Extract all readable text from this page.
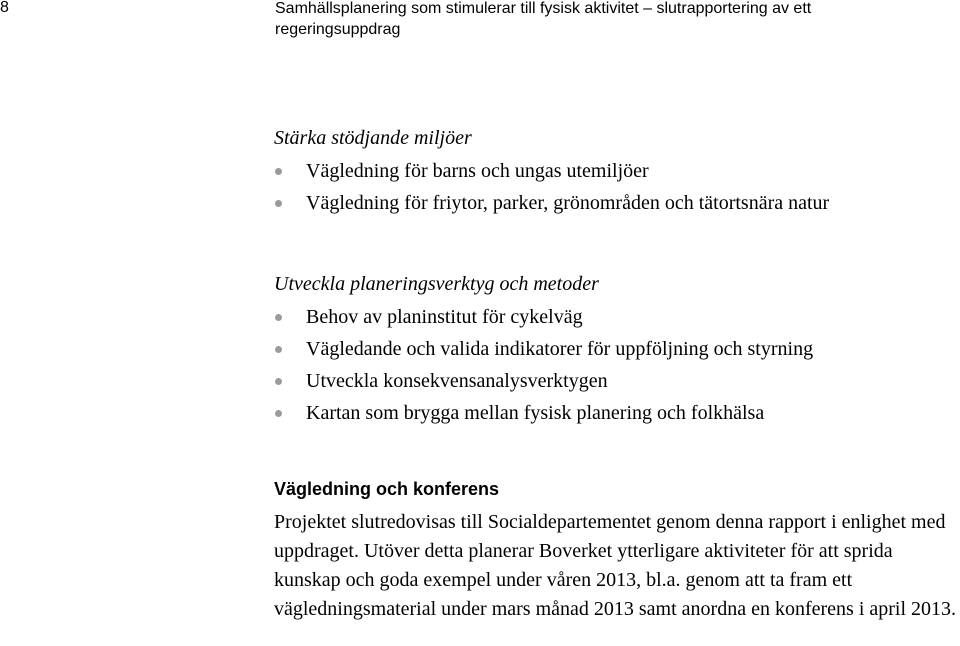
8	Samhällsplanering som stimulerar till fysisk aktivitet – slutrapportering av ett regeringsuppdrag
Stärka stödjande miljöer
Vägledning för barns och ungas utemiljöer
Vägledning för friytor, parker, grönområden och tätortsnära natur
Utveckla planeringsverktyg och metoder
Behov av planinstitut för cykelväg
Vägledande och valida indikatorer för uppföljning och styrning
Utveckla konsekvensanalysverktygen
Kartan som brygga mellan fysisk planering och folkhälsa
Vägledning och konferens

Projektet slutredovisas till Socialdepartementet genom denna rapport i enlighet med uppdraget. Utöver detta planerar Boverket ytterligare aktiviteter för att sprida kunskap och goda exempel under våren 2013, bl.a. genom att ta fram ett vägledningsmaterial under mars månad 2013 samt anordna en konferens i april 2013.
